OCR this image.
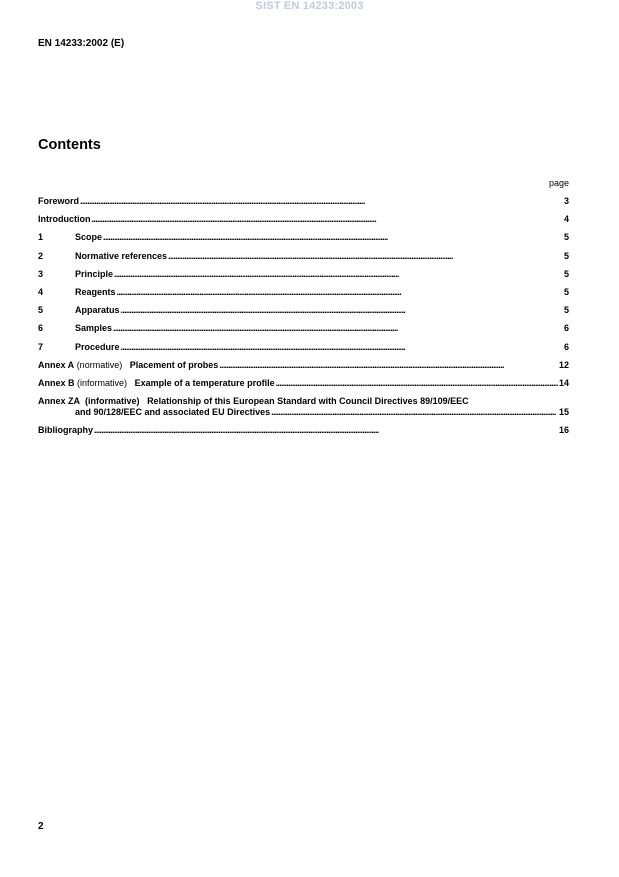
SIST EN 14233:2003
EN 14233:2002 (E)
Contents
page
Foreword . . .	3
Introduction . . .	4
1	Scope . . .	5
2	Normative references . . .	5
3	Principle . . .	5
4	Reagents . . .	5
5	Apparatus . . .	5
6	Samples . . .	6
7	Procedure . . .	6
Annex A
(normative)
Placement of probes . . .	12
Annex B
(informative)
Example of a temperature profile . . .	14
Annex ZA (informative) Relationship of this European Standard with Council Directives 89/109/EEC
and 90/128/EEC and associated EU Directives . . .	15
Bibliography . . .	16
2
